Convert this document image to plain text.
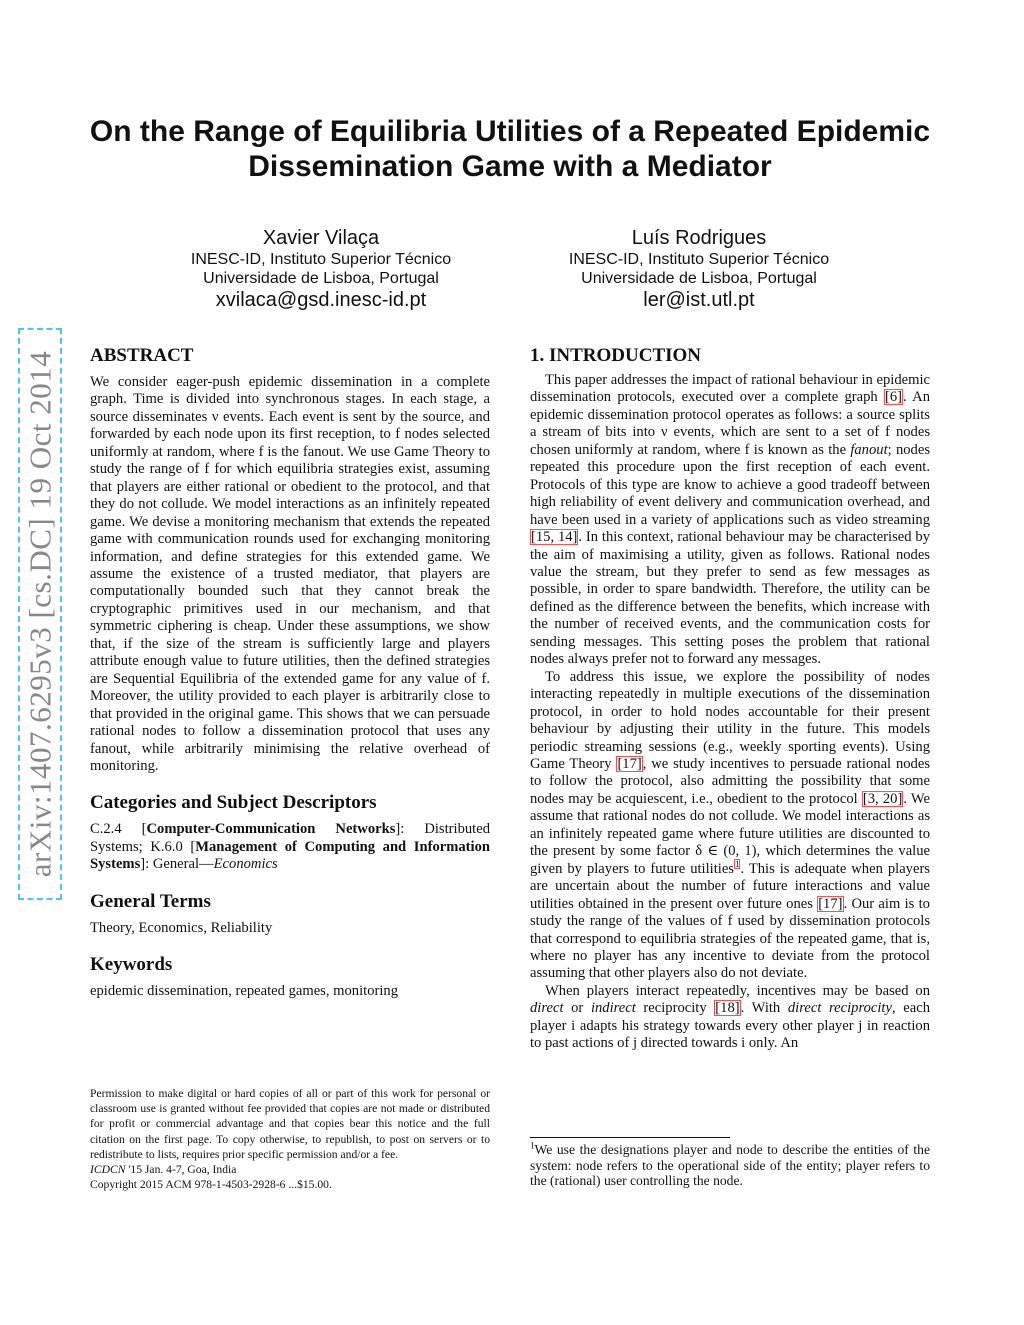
arXiv:1407.6295v3 [cs.DC] 19 Oct 2014
On the Range of Equilibria Utilities of a Repeated Epidemic Dissemination Game with a Mediator
Xavier Vilaça
INESC-ID, Instituto Superior Técnico
Universidade de Lisboa, Portugal
xvilaca@gsd.inesc-id.pt
Luís Rodrigues
INESC-ID, Instituto Superior Técnico
Universidade de Lisboa, Portugal
ler@ist.utl.pt
ABSTRACT

We consider eager-push epidemic dissemination in a complete graph. Time is divided into synchronous stages. In each stage, a source disseminates ν events. Each event is sent by the source, and forwarded by each node upon its first reception, to f nodes selected uniformly at random, where f is the fanout. We use Game Theory to study the range of f for which equilibria strategies exist, assuming that players are either rational or obedient to the protocol, and that they do not collude. We model interactions as an infinitely repeated game. We devise a monitoring mechanism that extends the repeated game with communication rounds used for exchanging monitoring information, and define strategies for this extended game. We assume the existence of a trusted mediator, that players are computationally bounded such that they cannot break the cryptographic primitives used in our mechanism, and that symmetric ciphering is cheap. Under these assumptions, we show that, if the size of the stream is sufficiently large and players attribute enough value to future utilities, then the defined strategies are Sequential Equilibria of the extended game for any value of f. Moreover, the utility provided to each player is arbitrarily close to that provided in the original game. This shows that we can persuade rational nodes to follow a dissemination protocol that uses any fanout, while arbitrarily minimising the relative overhead of monitoring.

Categories and Subject Descriptors

C.2.4 [Computer-Communication Networks]: Distributed Systems; K.6.0 [Management of Computing and Information Systems]: General—Economics

General Terms

Theory, Economics, Reliability

Keywords

epidemic dissemination, repeated games, monitoring

Permission to make digital or hard copies of all or part of this work for personal or classroom use is granted without fee provided that copies are not made or distributed for profit or commercial advantage and that copies bear this notice and the full citation on the first page. To copy otherwise, to republish, to post on servers or to redistribute to lists, requires prior specific permission and/or a fee.
ICDCN '15 Jan. 4-7, Goa, India
Copyright 2015 ACM 978-1-4503-2928-6 ...$15.00.
1. INTRODUCTION

This paper addresses the impact of rational behaviour in epidemic dissemination protocols, executed over a complete graph [6]. An epidemic dissemination protocol operates as follows: a source splits a stream of bits into ν events, which are sent to a set of f nodes chosen uniformly at random, where f is known as the fanout; nodes repeated this procedure upon the first reception of each event. Protocols of this type are know to achieve a good tradeoff between high reliability of event delivery and communication overhead, and have been used in a variety of applications such as video streaming [15, 14]. In this context, rational behaviour may be characterised by the aim of maximising a utility, given as follows. Rational nodes value the stream, but they prefer to send as few messages as possible, in order to spare bandwidth. Therefore, the utility can be defined as the difference between the benefits, which increase with the number of received events, and the communication costs for sending messages. This setting poses the problem that rational nodes always prefer not to forward any messages.

To address this issue, we explore the possibility of nodes interacting repeatedly in multiple executions of the dissemination protocol, in order to hold nodes accountable for their present behaviour by adjusting their utility in the future. This models periodic streaming sessions (e.g., weekly sporting events). Using Game Theory [17], we study incentives to persuade rational nodes to follow the protocol, also admitting the possibility that some nodes may be acquiescent, i.e., obedient to the protocol [3, 20]. We assume that rational nodes do not collude. We model interactions as an infinitely repeated game where future utilities are discounted to the present by some factor δ ∈ (0, 1), which determines the value given by players to future utilities$^1$. This is adequate when players are uncertain about the number of future interactions and value utilities obtained in the present over future ones [17]. Our aim is to study the range of the values of f used by dissemination protocols that correspond to equilibria strategies of the repeated game, that is, where no player has any incentive to deviate from the protocol assuming that other players also do not deviate.

When players interact repeatedly, incentives may be based on direct or indirect reciprocity [18]. With direct reciprocity, each player i adapts his strategy towards every other player j in reaction to past actions of j directed towards i only. An

$^1$We use the designations player and node to describe the entities of the system: node refers to the operational side of the entity; player refers to the (rational) user controlling the node.
